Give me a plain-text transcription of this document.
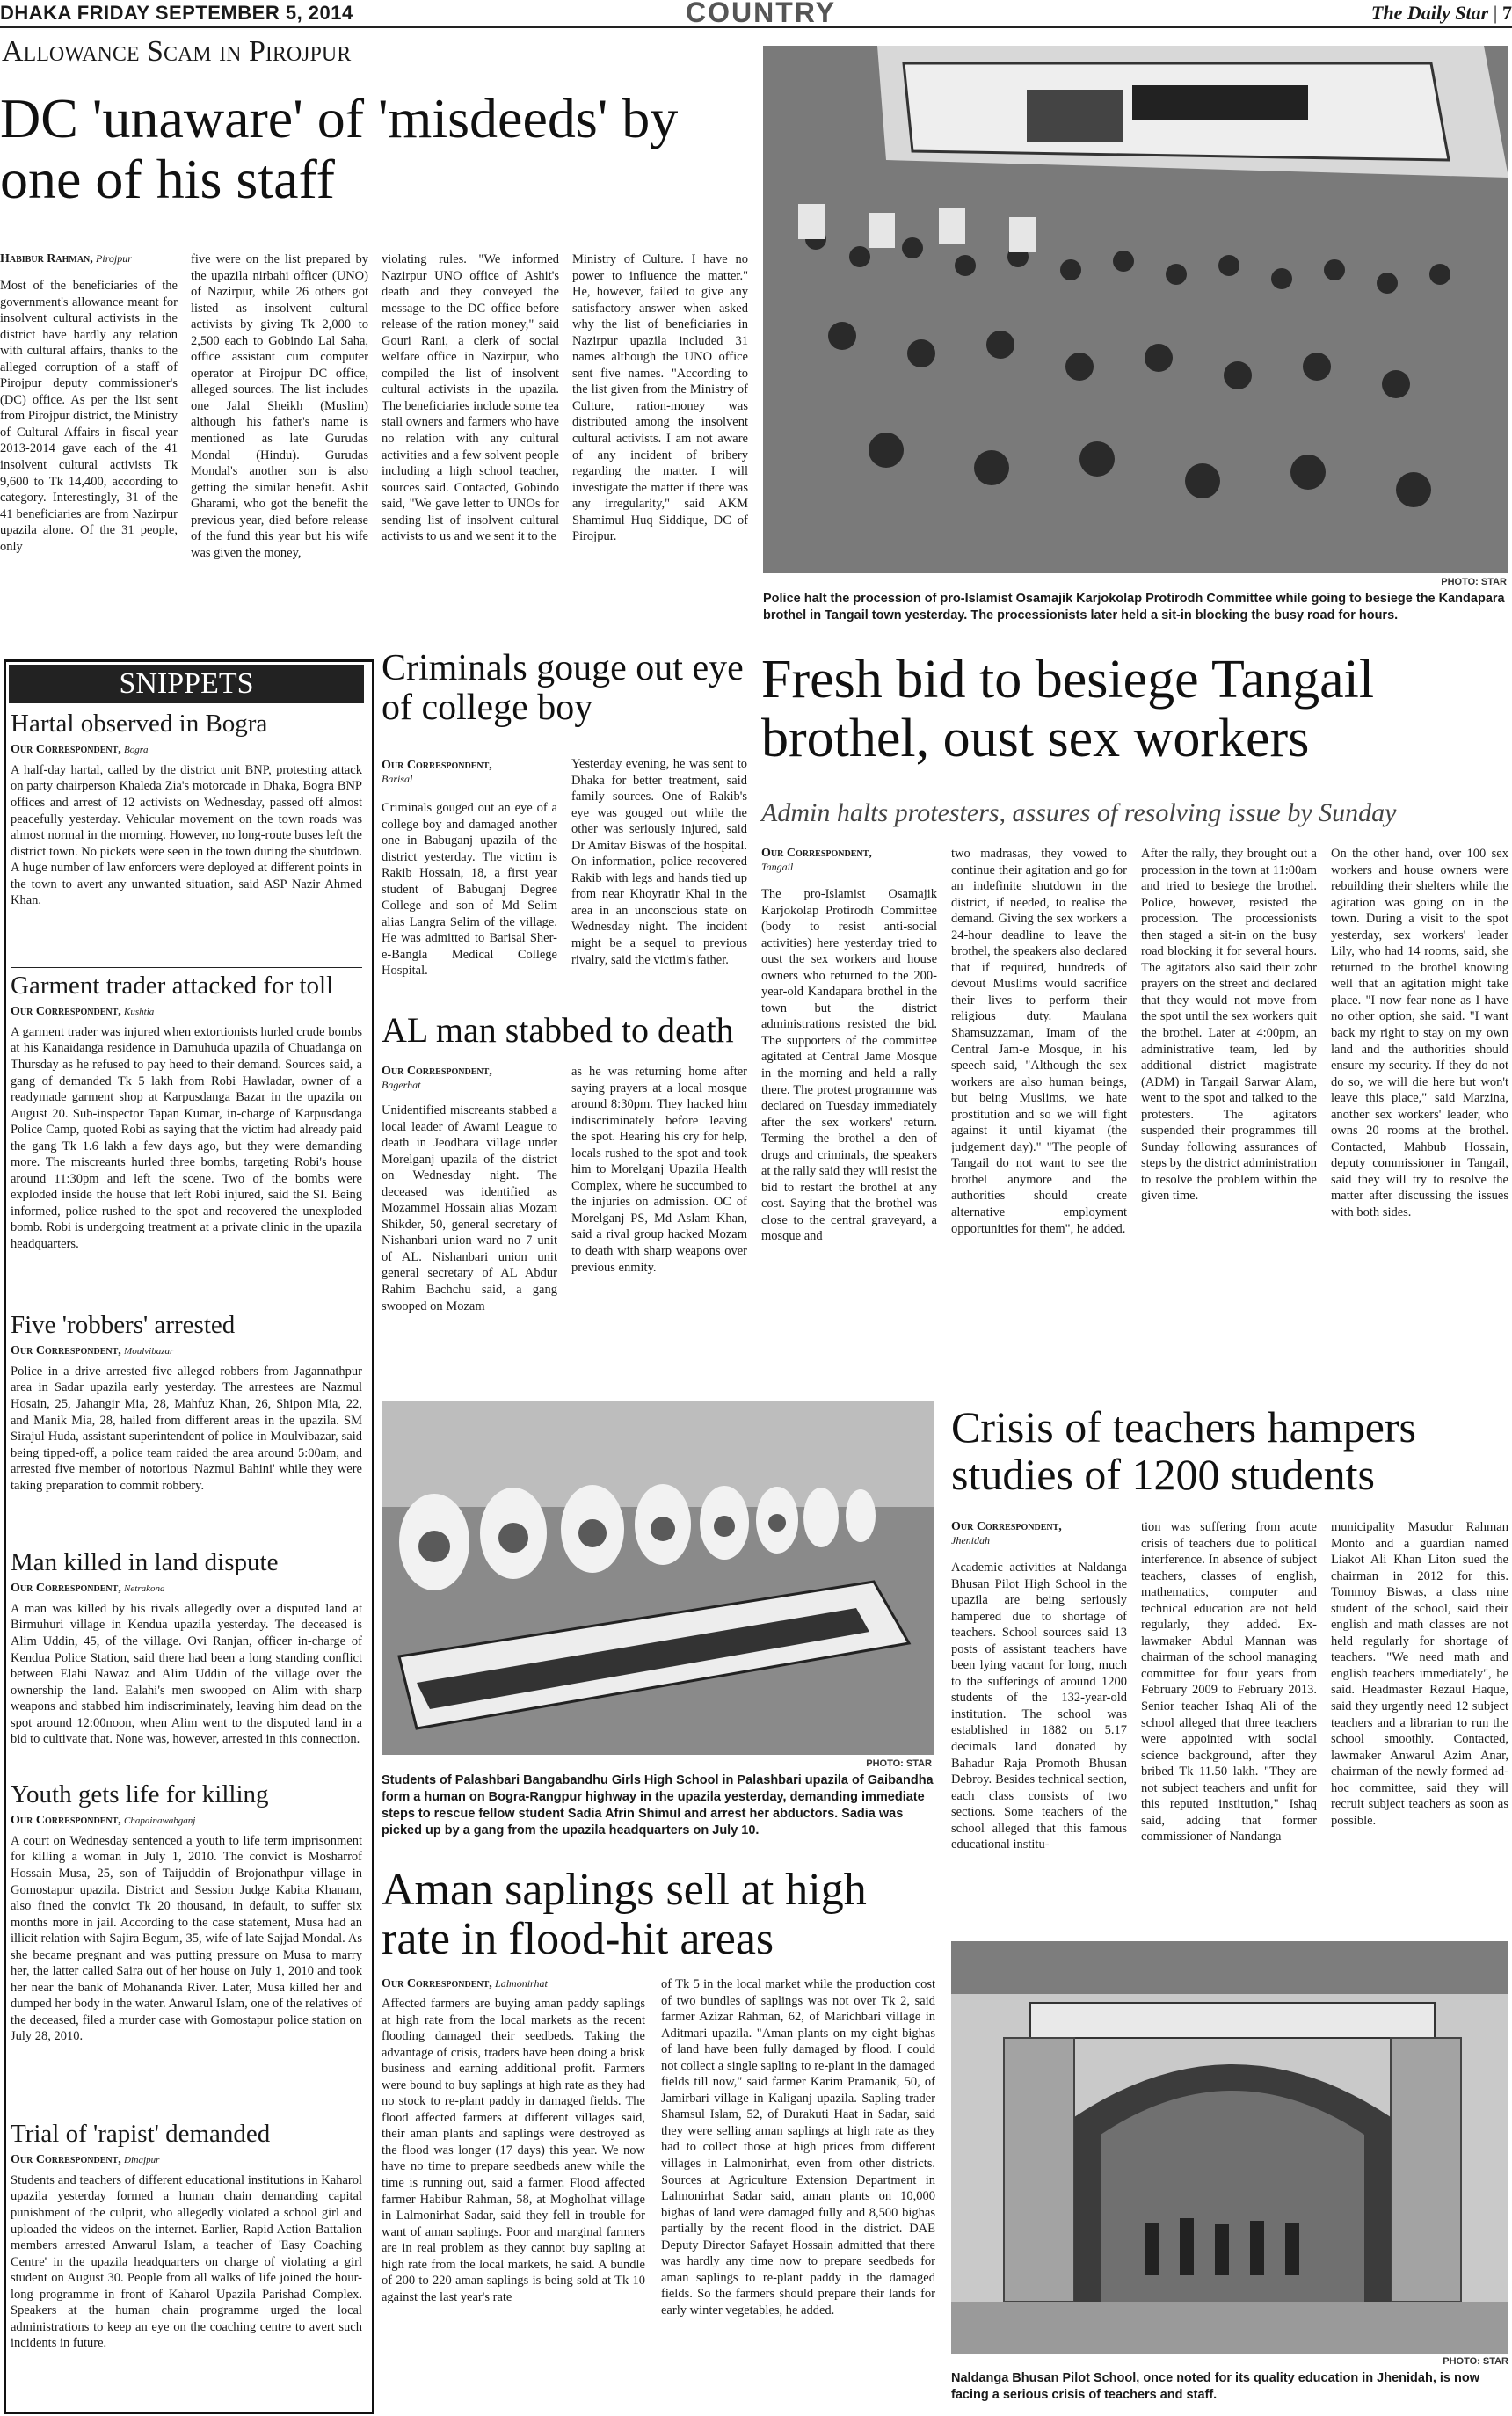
DHAKA FRIDAY SEPTEMBER 5, 2014	COUNTRY	The Daily Star | 7
Allowance Scam in Pirojpur
DC 'unaware' of 'misdeeds' by one of his staff
Habibur Rahman, Pirojpur
Most of the beneficiaries of the government's allowance meant for insolvent cultural activists in the district have hardly any relation with cultural affairs, thanks to the alleged corruption of a staff of Pirojpur deputy commissioner's (DC) office. As per the list sent from Pirojpur district, the Ministry of Cultural Affairs in fiscal year 2013-2014 gave each of the 41 insolvent cultural activists Tk 9,600 to Tk 14,400, according to category. Interestingly, 31 of the 41 beneficiaries are from Nazirpur upazila alone. Of the 31 people, only
five were on the list prepared by the upazila nirbahi officer (UNO) of Nazirpur, while 26 others got listed as insolvent cultural activists by giving Tk 2,000 to 2,500 each to Gobindo Lal Saha, office assistant cum computer operator at Pirojpur DC office, alleged sources. The list includes one Jalal Sheikh (Muslim) although his father's name is mentioned as late Gurudas Mondal (Hindu). Gurudas Mondal's another son is also getting the similar benefit. Ashit Gharami, who got the benefit the previous year, died before release of the fund this year but his wife was given the money,
violating rules. "We informed Nazirpur UNO office of Ashit's death and they conveyed the message to the DC office before release of the ration money," said Gouri Rani, a clerk of social welfare office in Nazirpur, who compiled the list of insolvent cultural activists in the upazila. The beneficiaries include some tea stall owners and farmers who have no relation with any cultural activities and a few solvent people including a high school teacher, sources said. Contacted, Gobindo said, "We gave letter to UNOs for sending list of insolvent cultural activists to us and we sent it to the
Ministry of Culture. I have no power to influence the matter." He, however, failed to give any satisfactory answer when asked why the list of beneficiaries in Nazirpur upazila included 31 names although the UNO office sent five names. "According to the list given from the Ministry of Culture, ration-money was distributed among the insolvent cultural activists. I am not aware of any incident of bribery regarding the matter. I will investigate the matter if there was any irregularity," said AKM Shamimul Huq Siddique, DC of Pirojpur.
PHOTO: STAR
Police halt the procession of pro-Islamist Osamajik Karjokolap Protirodh Committee while going to besiege the Kandapara brothel in Tangail town yesterday. The processionists later held a sit-in blocking the busy road for hours.
SNIPPETS
Hartal observed in Bogra
Our Correspondent, Bogra
A half-day hartal, called by the district unit BNP, protesting attack on party chairperson Khaleda Zia's motorcade in Dhaka, Bogra BNP offices and arrest of 12 activists on Wednesday, passed off almost peacefully yesterday. Vehicular movement on the town roads was almost normal in the morning. However, no long-route buses left the district town. No pickets were seen in the town during the shutdown. A huge number of law enforcers were deployed at different points in the town to avert any unwanted situation, said ASP Nazir Ahmed Khan.
Garment trader attacked for toll
Our Correspondent, Kushtia
A garment trader was injured when extortionists hurled crude bombs at his Kanaidanga residence in Damuhuda upazila of Chuadanga on Thursday as he refused to pay heed to their demand. Sources said, a gang of demanded Tk 5 lakh from Robi Hawladar, owner of a readymade garment shop at Karpusdanga Bazar in the upazila on August 20. Sub-inspector Tapan Kumar, in-charge of Karpusdanga Police Camp, quoted Robi as saying that the victim had already paid the gang Tk 1.6 lakh a few days ago, but they were demanding more. The miscreants hurled three bombs, targeting Robi's house around 11:30pm and left the scene. Two of the bombs were exploded inside the house that left Robi injured, said the SI. Being informed, police rushed to the spot and recovered the unexploded bomb. Robi is undergoing treatment at a private clinic in the upazila headquarters.
Five 'robbers' arrested
Our Correspondent, Moulvibazar
Police in a drive arrested five alleged robbers from Jagannathpur area in Sadar upazila early yesterday. The arrestees are Nazmul Hosain, 25, Jahangir Mia, 28, Mahfuz Khan, 26, Shipon Mia, 22, and Manik Mia, 28, hailed from different areas in the upazila. SM Sirajul Huda, assistant superintendent of police in Moulvibazar, said being tipped-off, a police team raided the area around 5:00am, and arrested five member of notorious 'Nazmul Bahini' while they were taking preparation to commit robbery.
Man killed in land dispute
Our Correspondent, Netrakona
A man was killed by his rivals allegedly over a disputed land at Birmuhuri village in Kendua upazila yesterday. The deceased is Alim Uddin, 45, of the village. Ovi Ranjan, officer in-charge of Kendua Police Station, said there had been a long standing conflict between Elahi Nawaz and Alim Uddin of the village over the ownership the land. Ealahi's men swooped on Alim with sharp weapons and stabbed him indiscriminately, leaving him dead on the spot around 12:00noon, when Alim went to the disputed land in a bid to cultivate that. None was, however, arrested in this connection.
Youth gets life for killing
Our Correspondent, Chapainawabganj
A court on Wednesday sentenced a youth to life term imprisonment for killing a woman in July 1, 2010. The convict is Mosharrof Hossain Musa, 25, son of Taijuddin of Brojonathpur village in Gomostapur upazila. District and Session Judge Kabita Khanam, also fined the convict Tk 20 thousand, in default, to suffer six months more in jail. According to the case statement, Musa had an illicit relation with Sajira Begum, 35, wife of late Sajjad Mondal. As she became pregnant and was putting pressure on Musa to marry her, the latter called Saira out of her house on July 1, 2010 and took her near the bank of Mohananda River. Later, Musa killed her and dumped her body in the water. Anwarul Islam, one of the relatives of the deceased, filed a murder case with Gomostapur police station on July 28, 2010.
Trial of 'rapist' demanded
Our Correspondent, Dinajpur
Students and teachers of different educational institutions in Kaharol upazila yesterday formed a human chain demanding capital punishment of the culprit, who allegedly violated a school girl and uploaded the videos on the internet. Earlier, Rapid Action Battalion members arrested Anwarul Islam, a teacher of 'Easy Coaching Centre' in the upazila headquarters on charge of violating a girl student on August 30. People from all walks of life joined the hour-long programme in front of Kaharol Upazila Parishad Complex. Speakers at the human chain programme urged the local administrations to keep an eye on the coaching centre to avert such incidents in future.
Criminals gouge out eye of college boy
Our Correspondent,
Barisal
Criminals gouged out an eye of a college boy and damaged another one in Babuganj upazila of the district yesterday. The victim is Rakib Hossain, 18, a first year student of Babuganj Degree College and son of Md Selim alias Langra Selim of the village. He was admitted to Barisal Sher-e-Bangla Medical College Hospital.
Yesterday evening, he was sent to Dhaka for better treatment, said family sources. One of Rakib's eye was gouged out while the other was seriously injured, said Dr Amitav Biswas of the hospital. On information, police recovered Rakib with legs and hands tied up from near Khoyratir Khal in the area in an unconscious state on Wednesday night. The incident might be a sequel to previous rivalry, said the victim's father.
AL man stabbed to death
Our Correspondent,
Bagerhat
Unidentified miscreants stabbed a local leader of Awami League to death in Jeodhara village under Morelganj upazila of the district on Wednesday night. The deceased was identified as Mozammel Hossain alias Mozam Shikder, 50, general secretary of Nishanbari union ward no 7 unit of AL. Nishanbari union unit general secretary of AL Abdur Rahim Bachchu said, a gang swooped on Mozam
as he was returning home after saying prayers at a local mosque around 8:30pm. They hacked him indiscriminately before leaving the spot. Hearing his cry for help, locals rushed to the spot and took him to Morelganj Upazila Health Complex, where he succumbed to the injuries on admission. OC of Morelganj PS, Md Aslam Khan, said a rival group hacked Mozam to death with sharp weapons over previous enmity.
Fresh bid to besiege Tangail brothel, oust sex workers
Admin halts protesters, assures of resolving issue by Sunday
Our Correspondent,
Tangail
The pro-Islamist Osamajik Karjokolap Protirodh Committee (body to resist anti-social activities) here yesterday tried to oust the sex workers and house owners who returned to the 200-year-old Kandapara brothel in the town but the district administrations resisted the bid. The supporters of the committee agitated at Central Jame Mosque in the morning and held a rally there. The protest programme was declared on Tuesday immediately after the sex workers' return. Terming the brothel a den of drugs and criminals, the speakers at the rally said they will resist the bid to restart the brothel at any cost. Saying that the brothel was close to the central graveyard, a mosque and
two madrasas, they vowed to continue their agitation and go for an indefinite shutdown in the district, if needed, to realise the demand. Giving the sex workers a 24-hour deadline to leave the brothel, the speakers also declared that if required, hundreds of devout Muslims would sacrifice their lives to perform their religious duty. Maulana Shamsuzzaman, Imam of the Central Jam-e Mosque, in his speech said, "Although the sex workers are also human beings, but being Muslims, we hate prostitution and so we will fight against it until kiyamat (the judgement day)." "The people of Tangail do not want to see the brothel anymore and the authorities should create alternative employment opportunities for them", he added.
After the rally, they brought out a procession in the town at 11:00am and tried to besiege the brothel. Police, however, resisted the procession. The processionists then staged a sit-in on the busy road blocking it for several hours. The agitators also said their zohr prayers on the street and declared that they would not move from the spot until the sex workers quit the brothel. Later at 4:00pm, an administrative team, led by additional district magistrate (ADM) in Tangail Sarwar Alam, went to the spot and talked to the protesters. The agitators suspended their programmes till Sunday following assurances of steps by the district administration to resolve the problem within the given time.
On the other hand, over 100 sex workers and house owners were rebuilding their shelters while the agitation was going on in the town. During a visit to the spot yesterday, sex workers' leader Lily, who had 14 rooms, said, she returned to the brothel knowing well that an agitation might take place. "I now fear none as I have no other option, she said. "I want back my right to stay on my own land and the authorities should ensure my security. If they do not do so, we will die here but won't leave this place," said Marzina, another sex workers' leader, who owns 20 rooms at the brothel. Contacted, Mahbub Hossain, deputy commissioner in Tangail, said they will try to resolve the matter after discussing the issues with both sides.
PHOTO: STAR
Students of Palashbari Bangabandhu Girls High School in Palashbari upazila of Gaibandha form a human on Bogra-Rangpur highway in the upazila yesterday, demanding immediate steps to rescue fellow student Sadia Afrin Shimul and arrest her abductors. Sadia was picked up by a gang from the upazila headquarters on July 10.
Crisis of teachers hampers studies of 1200 students
Our Correspondent,
Jhenidah
Academic activities at Naldanga Bhusan Pilot High School in the upazila are being seriously hampered due to shortage of teachers. School sources said 13 posts of assistant teachers have been lying vacant for long, much to the sufferings of around 1200 students of the 132-year-old institution. The school was established in 1882 on 5.17 decimals land donated by Bahadur Raja Promoth Bhusan Debroy. Besides technical section, each class consists of two sections. Some teachers of the school alleged that this famous educational institu-
tion was suffering from acute crisis of teachers due to political interference. In absence of subject teachers, classes of english, mathematics, computer and technical education are not held regularly, they added. Ex-lawmaker Abdul Mannan was chairman of the school managing committee for four years from February 2009 to February 2013. Senior teacher Ishaq Ali of the school alleged that three teachers were appointed with social science background, after they bribed Tk 11.50 lakh. "They are not subject teachers and unfit for this reputed institution," Ishaq said, adding that former commissioner of Nandanga
municipality Masudur Rahman Monto and a guardian named Liakot Ali Khan Liton sued the chairman in 2012 for this. Tommoy Biswas, a class nine student of the school, said their english and math classes are not held regularly for shortage of teachers. "We need math and english teachers immediately", he said. Headmaster Rezaul Haque, said they urgently need 12 subject teachers and a librarian to run the school smoothly. Contacted, lawmaker Anwarul Azim Anar, chairman of the newly formed ad-hoc committee, said they will recruit subject teachers as soon as possible.
PHOTO: STAR
Naldanga Bhusan Pilot School, once noted for its quality education in Jhenidah, is now facing a serious crisis of teachers and staff.
Aman saplings sell at high rate in flood-hit areas
Our Correspondent, Lalmonirhat
Affected farmers are buying aman paddy saplings at high rate from the local markets as the recent flooding damaged their seedbeds. Taking the advantage of crisis, traders have been doing a brisk business and earning additional profit. Farmers were bound to buy saplings at high rate as they had no stock to re-plant paddy in damaged fields. The flood affected farmers at different villages said, their aman plants and saplings were destroyed as the flood was longer (17 days) this year. We now have no time to prepare seedbeds anew while the time is running out, said a farmer. Flood affected farmer Habibur Rahman, 58, at Mogholhat village in Lalmonirhat Sadar, said they fell in trouble for want of aman saplings. Poor and marginal farmers are in real problem as they cannot buy sapling at high rate from the local markets, he said. A bundle of 200 to 220 aman saplings is being sold at Tk 10 against the last year's rate
of Tk 5 in the local market while the production cost of two bundles of saplings was not over Tk 2, said farmer Azizar Rahman, 62, of Marichbari village in Aditmari upazila. "Aman plants on my eight bighas of land have been fully damaged by flood. I could not collect a single sapling to re-plant in the damaged fields till now," said farmer Karim Pramanik, 50, of Jamirbari village in Kaliganj upazila. Sapling trader Shamsul Islam, 52, of Durakuti Haat in Sadar, said they were selling aman saplings at high rate as they had to collect those at high prices from different villages in Lalmonirhat, even from other districts. Sources at Agriculture Extension Department in Lalmonirhat Sadar said, aman plants on 10,000 bighas of land were damaged fully and 8,500 bighas partially by the recent flood in the district. DAE Deputy Director Safayet Hossain admitted that there was hardly any time now to prepare seedbeds for aman saplings to re-plant paddy in the damaged fields. So the farmers should prepare their lands for early winter vegetables, he added.
